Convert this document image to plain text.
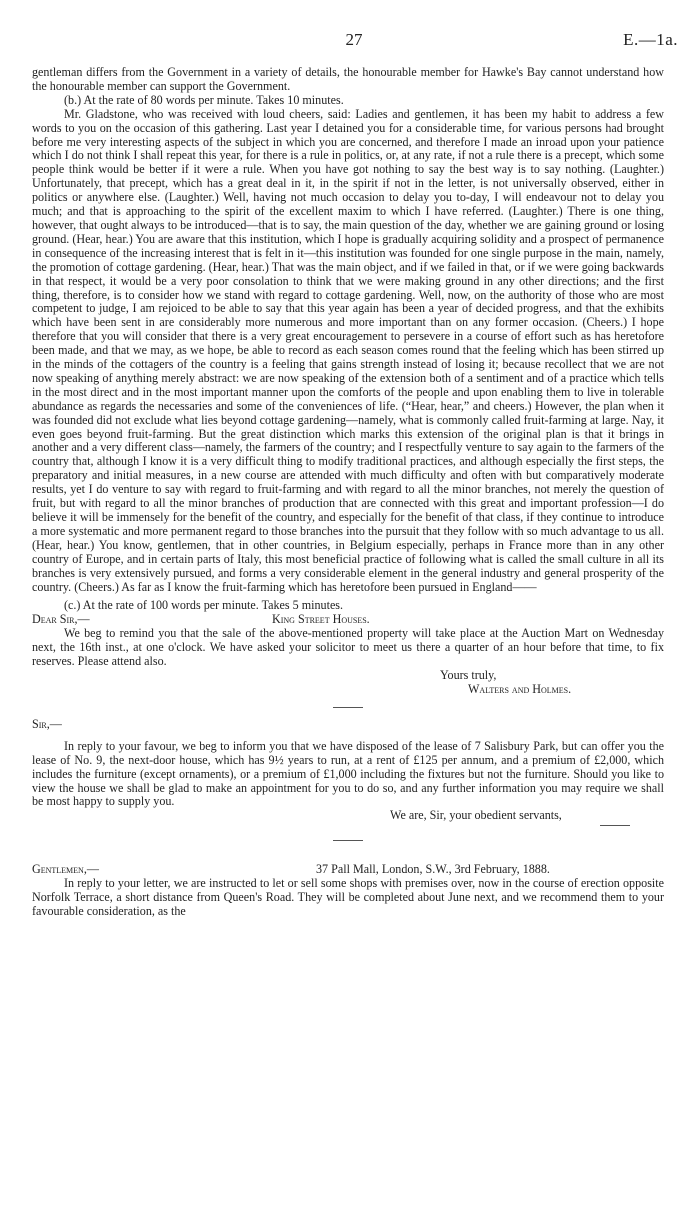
27	E.—1a.

gentleman differs from the Government in a variety of details, the honourable member for Hawke's Bay cannot understand how the honourable member can support the Government.

(b.) At the rate of 80 words per minute. Takes 10 minutes.

Mr. Gladstone, who was received with loud cheers, said: Ladies and gentlemen, it has been my habit to address a few words to you on the occasion of this gathering. Last year I detained you for a considerable time, for various persons had brought before me very interesting aspects of the subject in which you are concerned, and therefore I made an inroad upon your patience which I do not think I shall repeat this year, for there is a rule in politics, or, at any rate, if not a rule there is a precept, which some people think would be better if it were a rule. When you have got nothing to say the best way is to say nothing. (Laughter.) Unfortunately, that precept, which has a great deal in it, in the spirit if not in the letter, is not universally observed, either in politics or anywhere else. (Laughter.) Well, having not much occasion to delay you to-day, I will endeavour not to delay you much; and that is approaching to the spirit of the excellent maxim to which I have referred. (Laughter.) There is one thing, however, that ought always to be introduced—that is to say, the main question of the day, whether we are gaining ground or losing ground. (Hear, hear.) You are aware that this institution, which I hope is gradually acquiring solidity and a prospect of permanence in consequence of the increasing interest that is felt in it—this institution was founded for one single purpose in the main, namely, the promotion of cottage gardening. (Hear, hear.) That was the main object, and if we failed in that, or if we were going backwards in that respect, it would be a very poor consolation to think that we were making ground in any other directions; and the first thing, therefore, is to consider how we stand with regard to cottage gardening. Well, now, on the authority of those who are most competent to judge, I am rejoiced to be able to say that this year again has been a year of decided progress, and that the exhibits which have been sent in are considerably more numerous and more important than on any former occasion. (Cheers.) I hope therefore that you will consider that there is a very great encouragement to persevere in a course of effort such as has heretofore been made, and that we may, as we hope, be able to record as each season comes round that the feeling which has been stirred up in the minds of the cottagers of the country is a feeling that gains strength instead of losing it; because recollect that we are not now speaking of anything merely abstract: we are now speaking of the extension both of a sentiment and of a practice which tells in the most direct and in the most important manner upon the comforts of the people and upon enabling them to live in tolerable abundance as regards the necessaries and some of the conveniences of life. (“Hear, hear,” and cheers.) However, the plan when it was founded did not exclude what lies beyond cottage gardening—namely, what is commonly called fruit-farming at large. Nay, it even goes beyond fruit-farming. But the great distinction which marks this extension of the original plan is that it brings in another and a very different class—namely, the farmers of the country; and I respectfully venture to say again to the farmers of the country that, although I know it is a very difficult thing to modify traditional practices, and although especially the first steps, the preparatory and initial measures, in a new course are attended with much difficulty and often with but comparatively moderate results, yet I do venture to say with regard to fruit-farming and with regard to all the minor branches, not merely the question of fruit, but with regard to all the minor branches of production that are connected with this great and important profession—I do believe it will be immensely for the benefit of the country, and especially for the benefit of that class, if they continue to introduce a more systematic and more permanent regard to those branches into the pursuit that they follow with so much advantage to us all. (Hear, hear.) You know, gentlemen, that in other countries, in Belgium especially, perhaps in France more than in any other country of Europe, and in certain parts of Italy, this most beneficial practice of following what is called the small culture in all its branches is very extensively pursued, and forms a very considerable element in the general industry and general prosperity of the country. (Cheers.) As far as I know the fruit-farming which has heretofore been pursued in England——

(c.) At the rate of 100 words per minute. Takes 5 minutes.

Dear Sir,—	King Street Houses.

We beg to remind you that the sale of the above-mentioned property will take place at the Auction Mart on Wednesday next, the 16th inst., at one o'clock. We have asked your solicitor to meet us there a quarter of an hour before that time, to fix reserves. Please attend also.

Yours truly,
Walters and Holmes.

Sir,—

In reply to your favour, we beg to inform you that we have disposed of the lease of 7 Salisbury Park, but can offer you the lease of No. 9, the next-door house, which has 9½ years to run, at a rent of £125 per annum, and a premium of £2,000, which includes the furniture (except ornaments), or a premium of £1,000 including the fixtures but not the furniture. Should you like to view the house we shall be glad to make an appointment for you to do so, and any further information you may require we shall be most happy to supply you.

We are, Sir, your obedient servants,
Gentlemen,—	37 Pall Mall, London, S.W., 3rd February, 1888.

In reply to your letter, we are instructed to let or sell some shops with premises over, now in the course of erection opposite Norfolk Terrace, a short distance from Queen's Road. They will be completed about June next, and we recommend them to your favourable consideration, as the
